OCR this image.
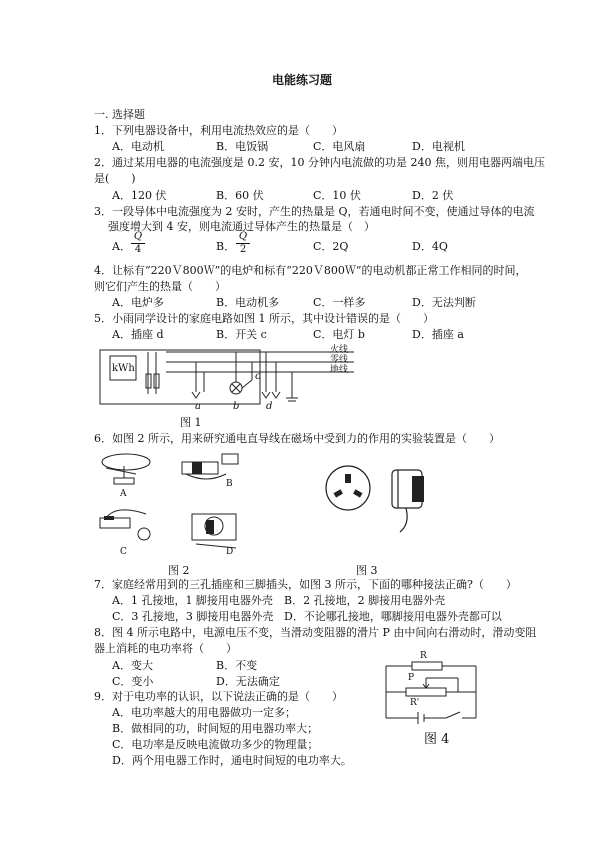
电能练习题
一. 选择题
1．下列电器设备中，利用电流热效应的是（　　）
A．电动机	B．电饭锅	C．电风扇	D．电视机
2．通过某用电器的电流强度是 0.2 安，10 分钟内电流做的功是 240 焦，则用电器两端电压
是(　　)
A．120 伏	B．60 伏	C．10 伏	D．2 伏
3．一段导体中电流强度为 2 安时，产生的热量是 Q，若通电时间不变，使通过导体的电流
强度增大到 4 安，则电流通过导体产生的热量是（　）
A．
Q
4	B．
Q
2	C．2Q	D．4Q
4．让标有“220Ｖ800Ｗ”的电炉和标有“220Ｖ800Ｗ”的电动机都正常工作相同的时间，
则它们产生的热量（　　）
A．电炉多	B．电动机多	C．一样多	D．无法判断
5．小雨同学设计的家庭电路如图 1 所示，其中设计错误的是（　　）
A．插座 d	B．开关 c	C．电灯 b	D．插座 a
kWh
火线
零线
地线
a	b
c
d
图 1
6．如图 2 所示，用来研究通电直导线在磁场中受到力的作用的实验装置是（　　）
A
B
C	D
图 2	图 3
7．家庭经常用到的三孔插座和三脚插头，如图 3 所示，下面的哪种接法正确?（　　）
A．1 孔接地，1 脚接用电器外壳 B．2 孔接地，2 脚接用电器外壳
C．3 孔接地，3 脚接用电器外壳 D．不论哪孔接地，哪脚接用电器外壳都可以
8．图 4 所示电路中，电源电压不变，当滑动变阻器的滑片 P 由中间向右滑动时，滑动变阻
器上消耗的电功率将（　　）
A．变大	B．不变
C．变小	D．无法确定
R
P
R'
图 4
9．对于电功率的认识，以下说法正确的是（　　）
A．电功率越大的用电器做功一定多；
B．做相同的功，时间短的用电器功率大；
C．电功率是反映电流做功多少的物理量；
D．两个用电器工作时，通电时间短的电功率大。
